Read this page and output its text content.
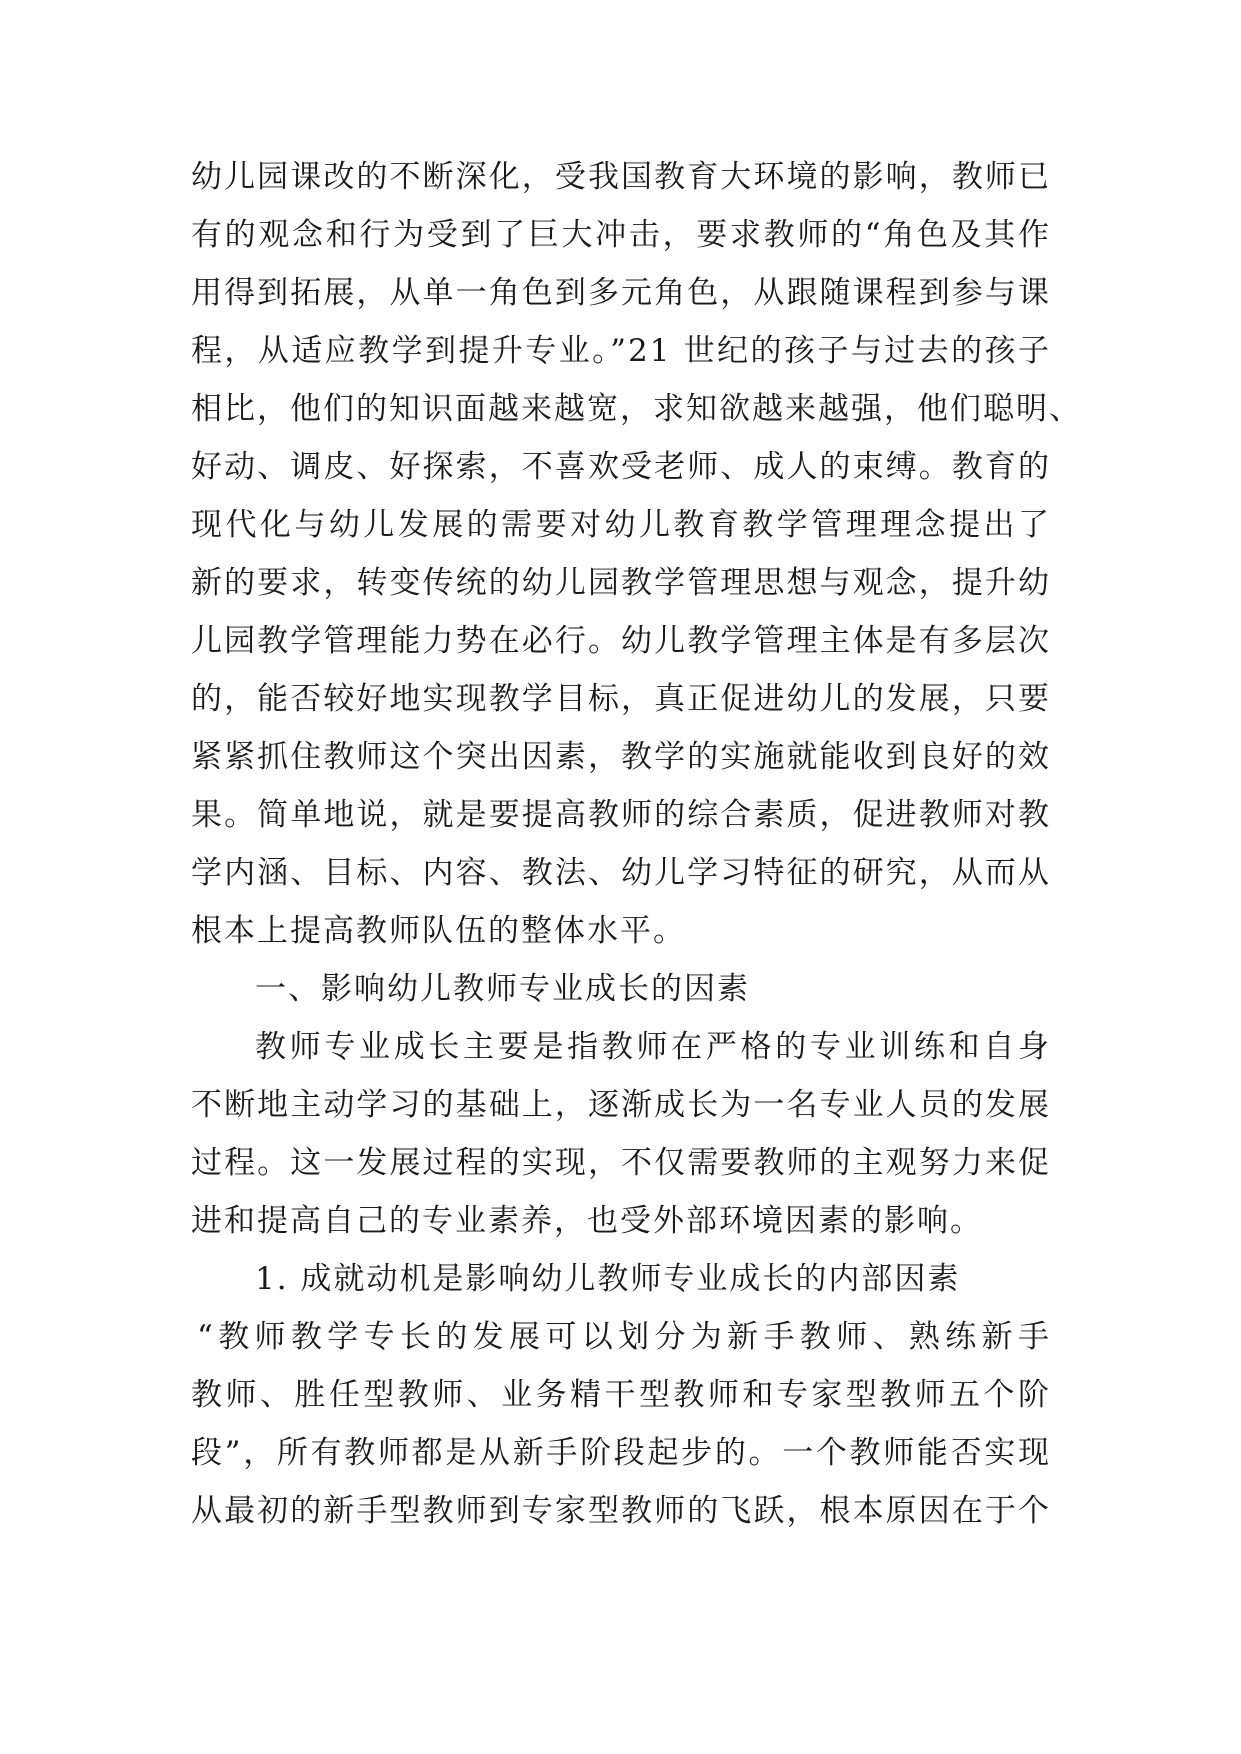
幼儿园课改的不断深化，受我国教育大环境的影响，教师已
有的观念和行为受到了巨大冲击，要求教师的“角色及其作
用得到拓展，从单一角色到多元角色，从跟随课程到参与课
程，从适应教学到提升专业。”21 世纪的孩子与过去的孩子
相比，他们的知识面越来越宽，求知欲越来越强，他们聪明、
好动、调皮、好探索，不喜欢受老师、成人的束缚。教育的
现代化与幼儿发展的需要对幼儿教育教学管理理念提出了
新的要求，转变传统的幼儿园教学管理思想与观念，提升幼
儿园教学管理能力势在必行。幼儿教学管理主体是有多层次
的，能否较好地实现教学目标，真正促进幼儿的发展，只要
紧紧抓住教师这个突出因素，教学的实施就能收到良好的效
果。简单地说，就是要提高教师的综合素质，促进教师对教
学内涵、目标、内容、教法、幼儿学习特征的研究，从而从
根本上提高教师队伍的整体水平。
一、影响幼儿教师专业成长的因素
教师专业成长主要是指教师在严格的专业训练和自身
不断地主动学习的基础上，逐渐成长为一名专业人员的发展
过程。这一发展过程的实现，不仅需要教师的主观努力来促
进和提高自己的专业素养，也受外部环境因素的影响。
1. 成就动机是影响幼儿教师专业成长的内部因素
“教师教学专长的发展可以划分为新手教师、熟练新手
教师、胜任型教师、业务精干型教师和专家型教师五个阶
段”，所有教师都是从新手阶段起步的。一个教师能否实现
从最初的新手型教师到专家型教师的飞跃，根本原因在于个
